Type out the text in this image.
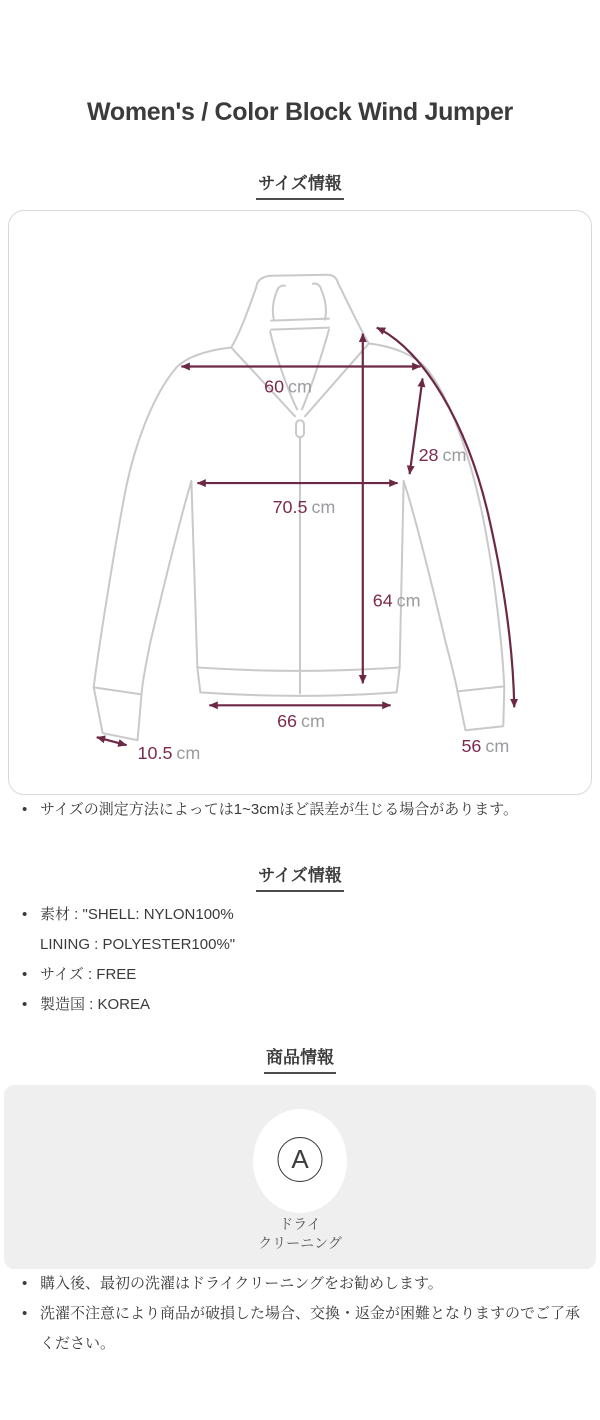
Women's / Color Block Wind Jumper
サイズ情報
60 cm
28 cm
70.5 cm
64 cm
66 cm
10.5 cm	56 cm
• サイズの測定方法によっては1~3cmほど誤差が生じる場合があります。
サイズ情報
• 素材 : "SHELL: NYLON100%
LINING : POLYESTER100%"
• サイズ : FREE
• 製造国 : KOREA
商品情報
A
ドライ
クリーニング
• 購入後、最初の洗濯はドライクリーニングをお勧めします。
• 洗濯不注意により商品が破損した場合、交換・返金が困難となりますのでご了承ください。
